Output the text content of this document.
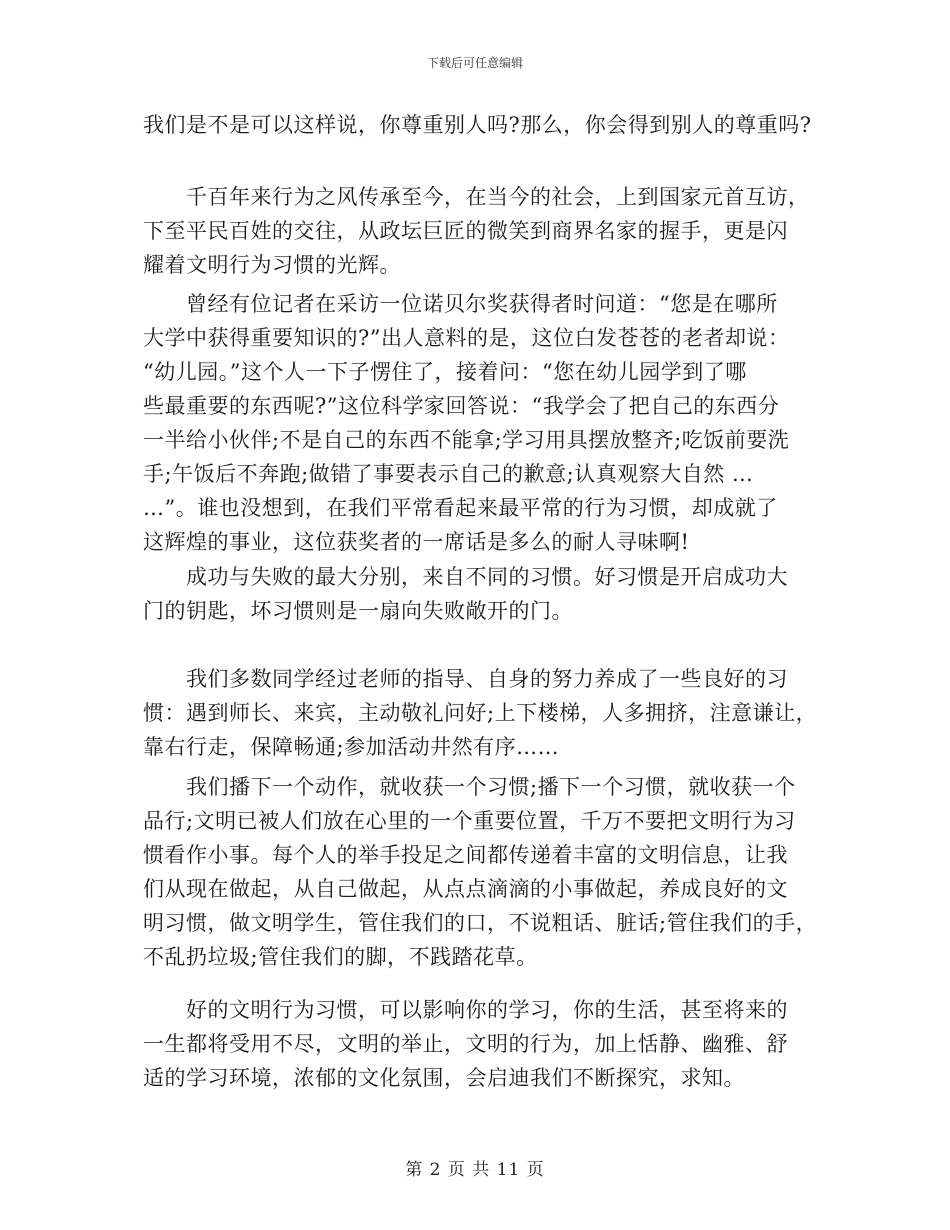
下载后可任意编辑
我们是不是可以这样说，你尊重别人吗?那么，你会得到别人的尊重吗?
　　千百年来行为之风传承至今，在当今的社会，上到国家元首互访，
下至平民百姓的交往，从政坛巨匠的微笑到商界名家的握手，更是闪
耀着文明行为习惯的光辉。
　　曾经有位记者在采访一位诺贝尔奖获得者时问道：“您是在哪所
大学中获得重要知识的?”出人意料的是，这位白发苍苍的老者却说：
“幼儿园。”这个人一下子愣住了，接着问：“您在幼儿园学到了哪
些最重要的东西呢?”这位科学家回答说：“我学会了把自己的东西分
一半给小伙伴;不是自己的东西不能拿;学习用具摆放整齐;吃饭前要洗
手;午饭后不奔跑;做错了事要表示自己的歉意;认真观察大自然 …
…”。谁也没想到，在我们平常看起来最平常的行为习惯，却成就了
这辉煌的事业，这位获奖者的一席话是多么的耐人寻味啊!
　　成功与失败的最大分别，来自不同的习惯。好习惯是开启成功大
门的钥匙，坏习惯则是一扇向失败敞开的门。
　　我们多数同学经过老师的指导、自身的努力养成了一些良好的习
惯：遇到师长、来宾，主动敬礼问好;上下楼梯，人多拥挤，注意谦让，
靠右行走，保障畅通;参加活动井然有序……
　　我们播下一个动作，就收获一个习惯;播下一个习惯，就收获一个
品行;文明已被人们放在心里的一个重要位置，千万不要把文明行为习
惯看作小事。每个人的举手投足之间都传递着丰富的文明信息，让我
们从现在做起，从自己做起，从点点滴滴的小事做起，养成良好的文
明习惯，做文明学生，管住我们的口，不说粗话、脏话;管住我们的手，
不乱扔垃圾;管住我们的脚，不践踏花草。
　　好的文明行为习惯，可以影响你的学习，你的生活，甚至将来的
一生都将受用不尽，文明的举止，文明的行为，加上恬静、幽雅、舒
适的学习环境，浓郁的文化氛围，会启迪我们不断探究，求知。
第 2 页 共 11 页
